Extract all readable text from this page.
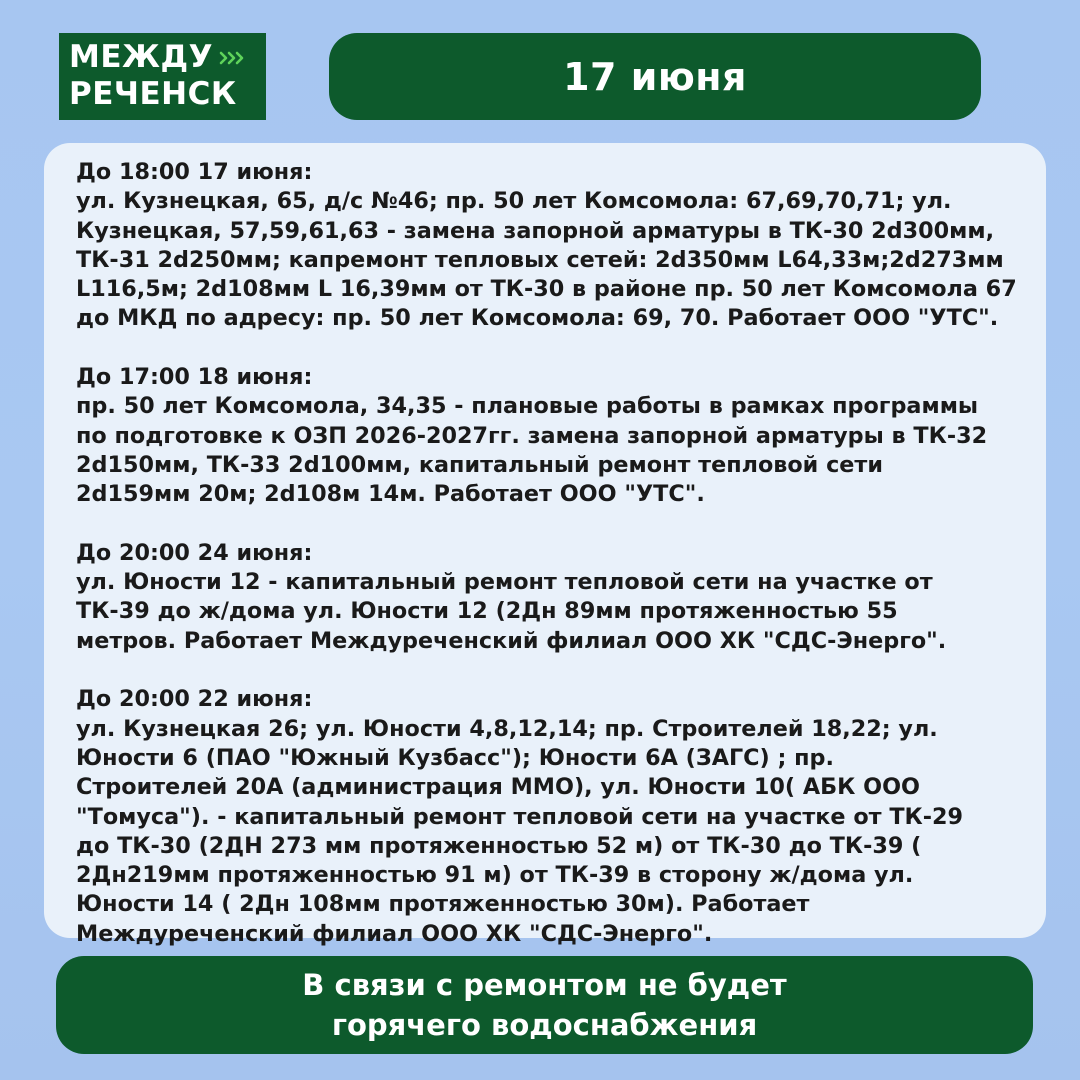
МЕЖДУ
РЕЧЕНСК	17 июня
До 18:00 17 июня:
ул. Кузнецкая, 65, д/с №46; пр. 50 лет Комсомола: 67,69,70,71; ул.
Кузнецкая, 57,59,61,63 - замена запорной арматуры в ТК-30 2d300мм,
ТК-31 2d250мм; капремонт тепловых сетей: 2d350мм L64,33м;2d273мм
L116,5м; 2d108мм L 16,39мм от ТК-30 в районе пр. 50 лет Комсомола 67
до МКД по адресу: пр. 50 лет Комсомола: 69, 70. Работает ООО "УТС".
До 17:00 18 июня:
пр. 50 лет Комсомола, 34,35 - плановые работы в рамках программы
по подготовке к ОЗП 2026-2027гг. замена запорной арматуры в ТК-32
2d150мм, ТК-33 2d100мм, капитальный ремонт тепловой сети
2d159мм 20м; 2d108м 14м. Работает ООО "УТС".
До 20:00 24 июня:
ул. Юности 12 - капитальный ремонт тепловой сети на участке от
ТК-39 до ж/дома ул. Юности 12 (2Дн 89мм протяженностью 55
метров. Работает Междуреченский филиал ООО ХК "СДС-Энерго".
До 20:00 22 июня:
ул. Кузнецкая 26; ул. Юности 4,8,12,14; пр. Строителей 18,22; ул.
Юности 6 (ПАО "Южный Кузбасс"); Юности 6А (ЗАГС) ; пр.
Строителей 20А (администрация ММО), ул. Юности 10( АБК ООО
"Томуса"). - капитальный ремонт тепловой сети на участке от ТК-29
до ТК-30 (2ДН 273 мм протяженностью 52 м) от ТК-30 до ТК-39 (
2Дн219мм протяженностью 91 м) от ТК-39 в сторону ж/дома ул.
Юности 14 ( 2Дн 108мм протяженностью 30м). Работает
Междуреченский филиал ООО ХК "СДС-Энерго".
В связи с ремонтом не будет
горячего водоснабжения
